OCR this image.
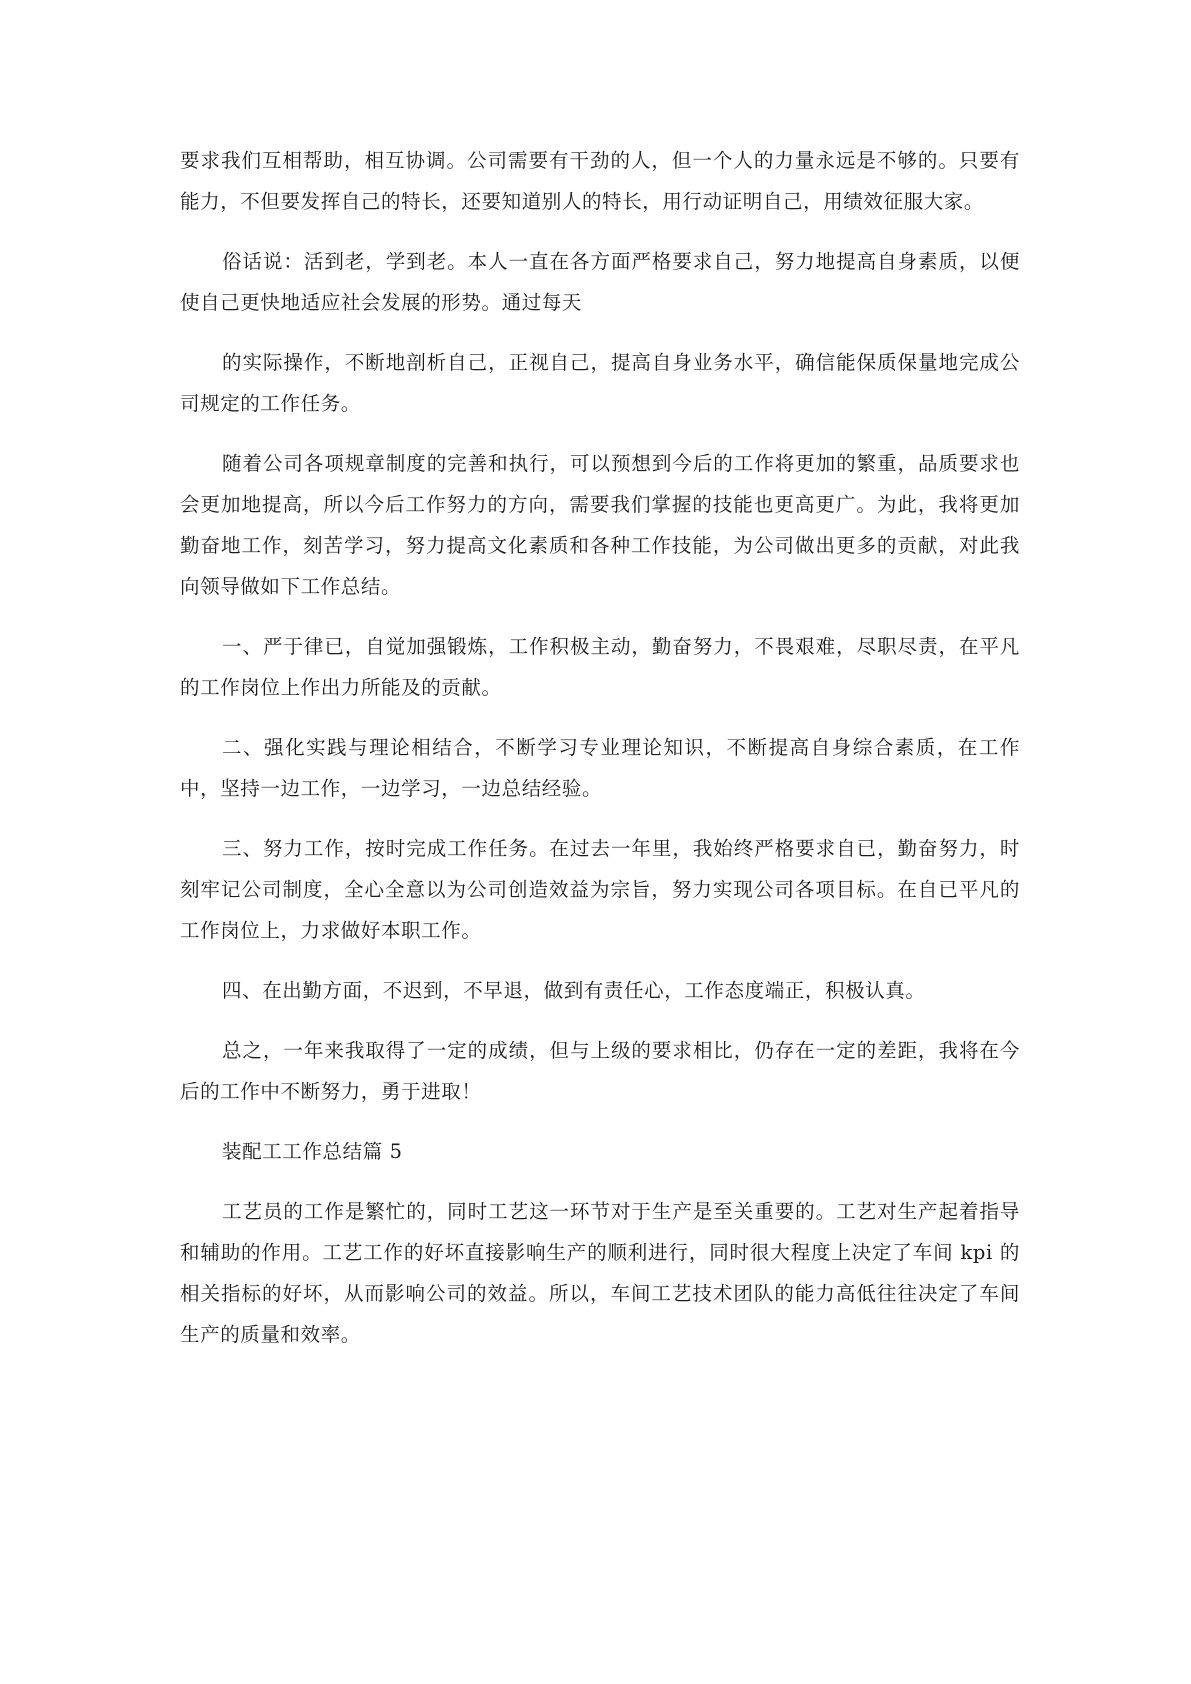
要求我们互相帮助，相互协调。公司需要有干劲的人，但一个人的力量永远是不够的。只要有能力，不但要发挥自己的特长，还要知道别人的特长，用行动证明自己，用绩效征服大家。

俗话说：活到老，学到老。本人一直在各方面严格要求自己，努力地提高自身素质，以便使自己更快地适应社会发展的形势。通过每天

的实际操作，不断地剖析自己，正视自己，提高自身业务水平，确信能保质保量地完成公司规定的工作任务。

随着公司各项规章制度的完善和执行，可以预想到今后的工作将更加的繁重，品质要求也会更加地提高，所以今后工作努力的方向，需要我们掌握的技能也更高更广。为此，我将更加勤奋地工作，刻苦学习，努力提高文化素质和各种工作技能，为公司做出更多的贡献，对此我向领导做如下工作总结。

一、严于律已，自觉加强锻炼，工作积极主动，勤奋努力，不畏艰难，尽职尽责，在平凡的工作岗位上作出力所能及的贡献。

二、强化实践与理论相结合，不断学习专业理论知识，不断提高自身综合素质，在工作中，坚持一边工作，一边学习，一边总结经验。

三、努力工作，按时完成工作任务。在过去一年里，我始终严格要求自已，勤奋努力，时刻牢记公司制度，全心全意以为公司创造效益为宗旨，努力实现公司各项目标。在自已平凡的工作岗位上，力求做好本职工作。

四、在出勤方面，不迟到，不早退，做到有责任心，工作态度端正，积极认真。

总之，一年来我取得了一定的成绩，但与上级的要求相比，仍存在一定的差距，我将在今后的工作中不断努力，勇于进取！

装配工工作总结篇 5

工艺员的工作是繁忙的，同时工艺这一环节对于生产是至关重要的。工艺对生产起着指导和辅助的作用。工艺工作的好坏直接影响生产的顺利进行，同时很大程度上决定了车间 kpi 的相关指标的好坏，从而影响公司的效益。所以，车间工艺技术团队的能力高低往往决定了车间生产的质量和效率。
